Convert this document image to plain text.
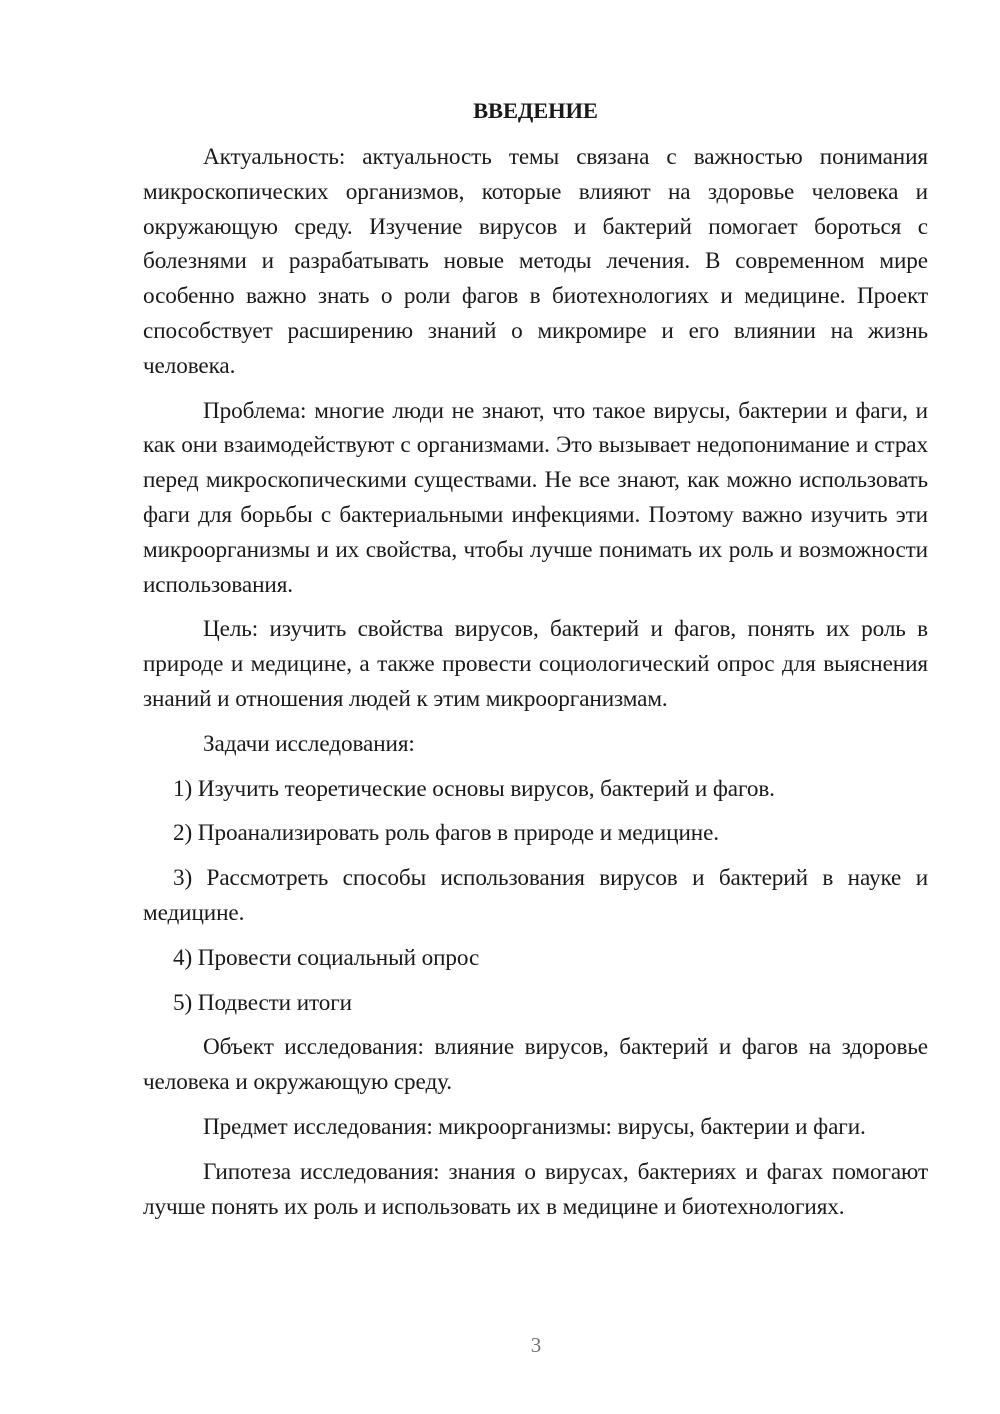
ВВЕДЕНИЕ

Актуальность: актуальность темы связана с важностью понимания микроскопических организмов, которые влияют на здоровье человека и окружающую среду. Изучение вирусов и бактерий помогает бороться с болезнями и разрабатывать новые методы лечения. В современном мире особенно важно знать о роли фагов в биотехнологиях и медицине. Проект способствует расширению знаний о микромире и его влиянии на жизнь человека.

Проблема: многие люди не знают, что такое вирусы, бактерии и фаги, и как они взаимодействуют с организмами. Это вызывает недопонимание и страх перед микроскопическими существами. Не все знают, как можно использовать фаги для борьбы с бактериальными инфекциями. Поэтому важно изучить эти микроорганизмы и их свойства, чтобы лучше понимать их роль и возможности использования.

Цель: изучить свойства вирусов, бактерий и фагов, понять их роль в природе и медицине, а также провести социологический опрос для выяснения знаний и отношения людей к этим микроорганизмам.

Задачи исследования:

1) Изучить теоретические основы вирусов, бактерий и фагов.

2) Проанализировать роль фагов в природе и медицине.

3) Рассмотреть способы использования вирусов и бактерий в науке и медицине.

4) Провести социальный опрос

5) Подвести итоги

Объект исследования: влияние вирусов, бактерий и фагов на здоровье человека и окружающую среду.

Предмет исследования: микроорганизмы: вирусы, бактерии и фаги.

Гипотеза исследования: знания о вирусах, бактериях и фагах помогают лучше понять их роль и использовать их в медицине и биотехнологиях.

3
